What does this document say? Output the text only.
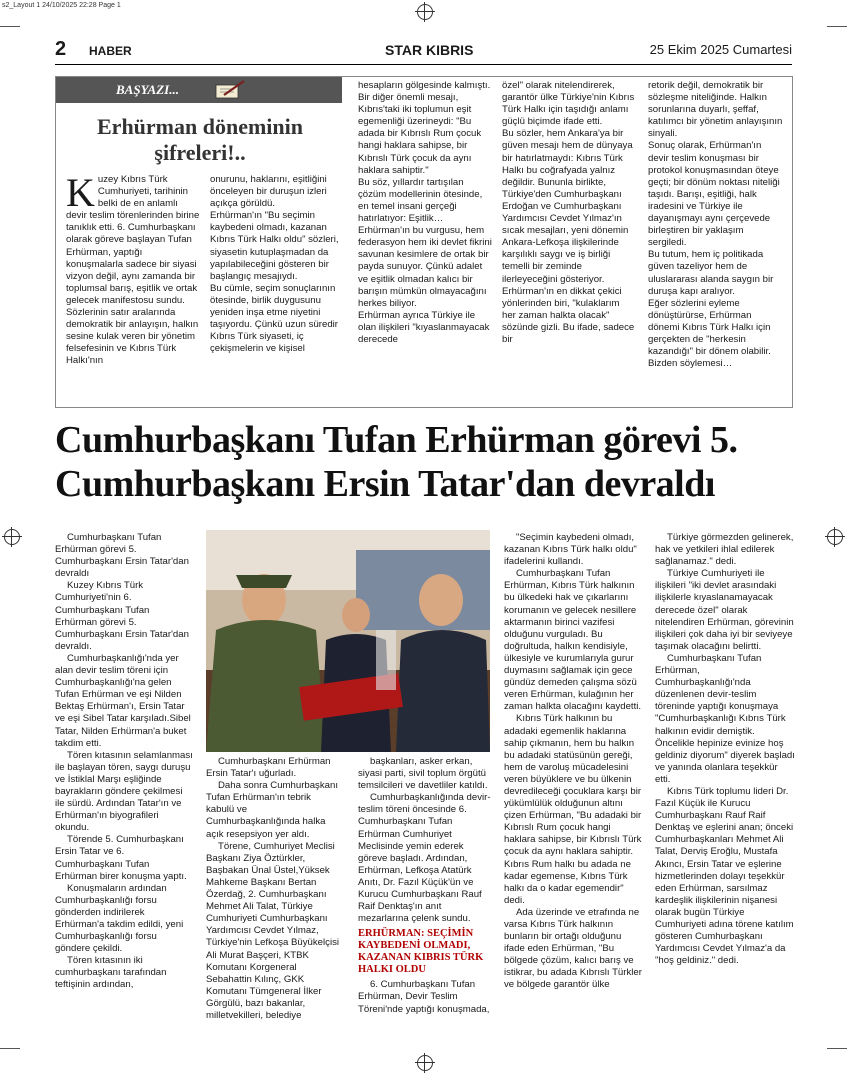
s2_Layout 1 24/10/2025 22:28 Page 1
2 HABER	STAR KIBRIS	25 Ekim 2025 Cumartesi
BAŞYAZI...
Erhürman döneminin şifreleri!..
Kuzey Kıbrıs Türk Cumhuriyeti, tarihinin belki de en anlamlı devir teslim törenlerinden birine tanıklık etti. 6. Cumhurbaşkanı olarak göreve başlayan Tufan Erhürman, yaptığı konuşmalarla sadece bir siyasi vizyon değil, aynı zamanda bir toplumsal barış, eşitlik ve ortak gelecek manifestosu sundu. Sözlerinin satır aralarında demokratik bir anlayışın, halkın sesine kulak veren bir yönetim felsefesinin ve Kıbrıs Türk Halkı'nın
onurunu, haklarını, eşitliğini önceleyen bir duruşun izleri açıkça görüldü.
Erhürman'ın "Bu seçimin kaybedeni olmadı, kazanan Kıbrıs Türk Halkı oldu" sözleri, siyasetin kutuplaşmadan da yapılabileceğini gösteren bir başlangıç mesajıydı.
Bu cümle, seçim sonuçlarının ötesinde, birlik duygusunu yeniden inşa etme niyetini taşıyordu. Çünkü uzun süredir Kıbrıs Türk siyaseti, iç çekişmelerin ve kişisel
hesapların gölgesinde kalmıştı.
Bir diğer önemli mesajı, Kıbrıs'taki iki toplumun eşit egemenliği üzerineydi: "Bu adada bir Kıbrıslı Rum çocuk hangi haklara sahipse, bir Kıbrıslı Türk çocuk da aynı haklara sahiptir."
Bu söz, yıllardır tartışılan çözüm modellerinin ötesinde, en temel insani gerçeği hatırlatıyor: Eşitlik…
Erhürman'ın bu vurgusu, hem federasyon hem iki devlet fikrini savunan kesimlere de ortak bir payda sunuyor. Çünkü adalet ve eşitlik olmadan kalıcı bir barışın mümkün olmayacağını herkes biliyor.
Erhürman ayrıca Türkiye ile olan ilişkileri "kıyaslanmayacak derecede
özel" olarak nitelendirerek, garantör ülke Türkiye'nin Kıbrıs Türk Halkı için taşıdığı anlamı güçlü biçimde ifade etti.
Bu sözler, hem Ankara'ya bir güven mesajı hem de dünyaya bir hatırlatmaydı: Kıbrıs Türk Halkı bu coğrafyada yalnız değildir. Bununla birlikte, Türkiye'den Cumhurbaşkanı Erdoğan ve Cumhurbaşkanı Yardımcısı Cevdet Yılmaz'ın sıcak mesajları, yeni dönemin Ankara-Lefkoşa ilişkilerinde karşılıklı saygı ve iş birliği temelli bir zeminde ilerleyeceğini gösteriyor.
Erhürman'ın en dikkat çekici yönlerinden biri, "kulaklarım her zaman halkta olacak" sözünde gizli. Bu ifade, sadece bir
retorik değil, demokratik bir sözleşme niteliğinde. Halkın sorunlarına duyarlı, şeffaf, katılımcı bir yönetim anlayışının sinyali.
Sonuç olarak, Erhürman'ın devir teslim konuşması bir protokol konuşmasından öteye geçti; bir dönüm noktası niteliği taşıdı. Barışı, eşitliği, halk iradesini ve Türkiye ile dayanışmayı aynı çerçevede birleştiren bir yaklaşım sergiledi.
Bu tutum, hem iç politikada güven tazeliyor hem de uluslararası alanda saygın bir duruşa kapı aralıyor.
Eğer sözlerini eyleme dönüştürürse, Erhürman dönemi Kıbrıs Türk Halkı için gerçekten de "herkesin kazandığı" bir dönem olabilir. Bizden söylemesi…
Cumhurbaşkanı Tufan Erhürman görevi 5. Cumhurbaşkanı Ersin Tatar'dan devraldı

Cumhurbaşkanı Tufan Erhürman görevi 5. Cumhurbaşkanı Ersin Tatar'dan devraldı

Kuzey Kıbrıs Türk Cumhuriyeti'nin 6. Cumhurbaşkanı Tufan Erhürman görevi 5. Cumhurbaşkanı Ersin Tatar'dan devraldı.

Cumhurbaşkanlığı'nda yer alan devir teslim töreni için Cumhurbaşkanlığı'na gelen Tufan Erhürman ve eşi Nilden Bektaş Erhürman'ı, Ersin Tatar ve eşi Sibel Tatar karşıladı.Sibel Tatar, Nilden Erhürman'a buket takdim etti.

Tören kıtasının selamlanması ile başlayan tören, saygı duruşu ve İstiklal Marşı eşliğinde bayrakların göndere çekilmesi ile sürdü. Ardından Tatar'ın ve Erhürman'ın biyografileri okundu.

Törende 5. Cumhurbaşkanı Ersin Tatar ve 6. Cumhurbaşkanı Tufan Erhürman birer konuşma yaptı.

Konuşmaların ardından Cumhurbaşkanlığı forsu gönderden indirilerek Erhürman'a takdim edildi, yeni Cumhurbaşkanlığı forsu göndere çekildi.

Tören kıtasının iki cumhurbaşkanı tarafından teftişinin ardından,

Cumhurbaşkanı Erhürman Ersin Tatar'ı uğurladı.

Daha sonra Cumhurbaşkanı Tufan Erhürman'ın tebrik kabulü ve Cumhurbaşkanlığında halka açık resepsiyon yer aldı.

Törene, Cumhuriyet Meclisi Başkanı Ziya Öztürkler, Başbakan Ünal Üstel,Yüksek Mahkeme Başkanı Bertan Özerdağ, 2. Cumhurbaşkanı Mehmet Ali Talat, Türkiye Cumhuriyeti Cumhurbaşkanı Yardımcısı Cevdet Yılmaz, Türkiye'nin Lefkoşa Büyükelçisi Ali Murat Başçeri, KTBK Komutanı Korgeneral Sebahattin Kılınç, GKK Komutanı Tümgeneral İlker Görgülü, bazı bakanlar, milletvekilleri, belediye

başkanları, asker erkan, siyasi parti, sivil toplum örgütü temsilcileri ve davetliler katıldı.

Cumhurbaşkanlığında devir-teslim töreni öncesinde 6. Cumhurbaşkanı Tufan Erhürman Cumhuriyet Meclisinde yemin ederek göreve başladı. Ardından, Erhürman, Lefkoşa Atatürk Anıtı, Dr. Fazıl Küçük'ün ve Kurucu Cumhurbaşkanı Rauf Raif Denktaş'ın anıt mezarlarına çelenk sundu.

ERHÜRMAN: SEÇİMİN KAYBEDENİ OLMADI, KAZANAN KIBRIS TÜRK HALKI OLDU

6. Cumhurbaşkanı Tufan Erhürman, Devir Teslim Töreni'nde yaptığı konuşmada,

"Seçimin kaybedeni olmadı, kazanan Kıbrıs Türk halkı oldu" ifadelerini kullandı.

Cumhurbaşkanı Tufan Erhürman, Kıbrıs Türk halkının bu ülkedeki hak ve çıkarlarını korumanın ve gelecek nesillere aktarmanın birinci vazifesi olduğunu vurguladı. Bu doğrultuda, halkın kendisiyle, ülkesiyle ve kurumlarıyla gurur duymasını sağlamak için gece gündüz demeden çalışma sözü veren Erhürman, kulağının her zaman halkta olacağını kaydetti.

Kıbrıs Türk halkının bu adadaki egemenlik haklarına sahip çıkmanın, hem bu halkın bu adadaki statüsünün gereği, hem de varoluş mücadelesini veren büyüklere ve bu ülkenin devredileceği çocuklara karşı bir yükümlülük olduğunun altını çizen Erhürman, "Bu adadaki bir Kıbrıslı Rum çocuk hangi haklara sahipse, bir Kıbrıslı Türk çocuk da aynı haklara sahiptir. Kıbrıs Rum halkı bu adada ne kadar egemense, Kıbrıs Türk halkı da o kadar egemendir" dedi.

Ada üzerinde ve etrafında ne varsa Kıbrıs Türk halkının bunların bir ortağı olduğunu ifade eden Erhürman, "Bu bölgede çözüm, kalıcı barış ve istikrar, bu adada Kıbrıslı Türkler ve bölgede garantör ülke

Türkiye görmezden gelinerek, hak ve yetkileri ihlal edilerek sağlanamaz." dedi.

Türkiye Cumhuriyeti ile ilişkileri "iki devlet arasındaki ilişkilerle kıyaslanamayacak derecede özel" olarak nitelendiren Erhürman, görevinin ilişkileri çok daha iyi bir seviyeye taşımak olacağını belirtti.

Cumhurbaşkanı Tufan Erhürman, Cumhurbaşkanlığı'nda düzenlenen devir-teslim töreninde yaptığı konuşmaya "Cumhurbaşkanlığı Kıbrıs Türk halkının evidir demiştik. Öncelikle hepinize evinize hoş geldiniz diyorum" diyerek başladı ve yanında olanlara teşekkür etti.

Kıbrıs Türk toplumu lideri Dr. Fazıl Küçük ile Kurucu Cumhurbaşkanı Rauf Raif Denktaş ve eşlerini anan; önceki Cumhurbaşkanları Mehmet Ali Talat, Derviş Eroğlu, Mustafa Akıncı, Ersin Tatar ve eşlerine hizmetlerinden dolayı teşekkür eden Erhürman, sarsılmaz kardeşlik ilişkilerinin nişanesi olarak bugün Türkiye Cumhuriyeti adına törene katılım gösteren Cumhurbaşkanı Yardımcısı Cevdet Yılmaz'a da "hoş geldiniz." dedi.
